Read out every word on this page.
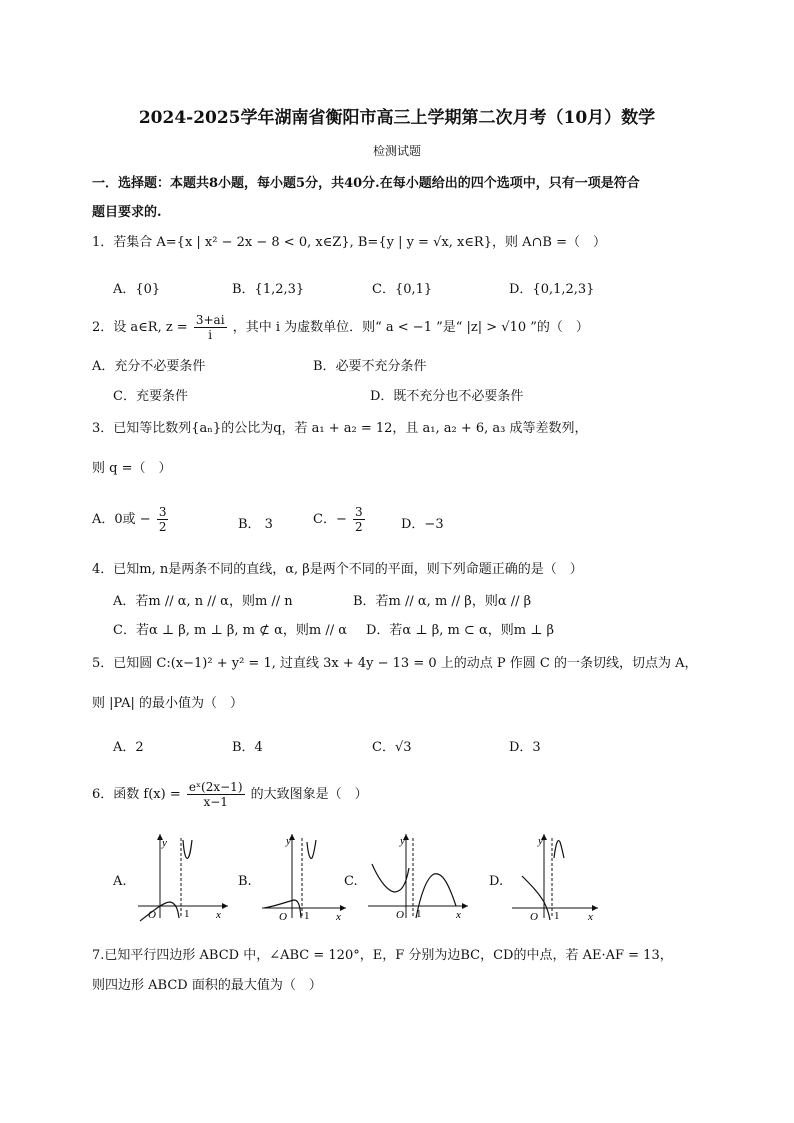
2024-2025学年湖南省衡阳市高三上学期第二次月考（10月）数学
检测试题
一．选择题：本题共8小题，每小题5分，共40分.在每小题给出的四个选项中，只有一项是符合
题目要求的.
1．若集合 A={x | x² − 2x − 8 < 0, x∈Z}, B={y | y = √x, x∈R}，则 A∩B =（　）
A．{0}	B．{1,2,3}	C．{0,1}	D．{0,1,2,3}
2．设 a∈R, $z = \frac{3+ai}{i}$ ，其中 i 为虚数单位．则“ a < −1 ”是“ |z| > √10 ”的（　）
A．充分不必要条件	B．必要不充分条件
C．充要条件	D．既不充分也不必要条件
3．已知等比数列{aₙ}的公比为q，若 a₁ + a₂ = 12，且 a₁, a₂ + 6, a₃ 成等差数列，
则 q =（　）
A．0或 − $\frac{3}{2}$	B． 3	C．− $\frac{3}{2}$	D．−3
4．已知m, n是两条不同的直线，α, β是两个不同的平面，则下列命题正确的是（　）
A．若m // α, n // α，则m // n	B．若m // α, m // β，则α // β
C．若α ⊥ β, m ⊥ β, m ⊄ α，则m // α D．若α ⊥ β, m ⊂ α，则m ⊥ β
5．已知圆 C:(x−1)² + y² = 1, 过直线 3x + 4y − 13 = 0 上的动点 P 作圆 C 的一条切线，切点为 A，
则 |PA| 的最小值为（　）
A．2	B．4	C．√3	D．3
6．函数 $f(x) = \frac{\text{eˣ(2x−1)}}{x-1}$ 的大致图象是（　）
A.	B.	C.	D.
y
x
O	1
y
x
O 1
y
x
O 1
y
x
O 1
7.已知平行四边形 ABCD 中，∠ABC = 120°，E，F 分别为边BC，CD的中点，若 AE·AF = 13，
则四边形 ABCD 面积的最大值为（　）
